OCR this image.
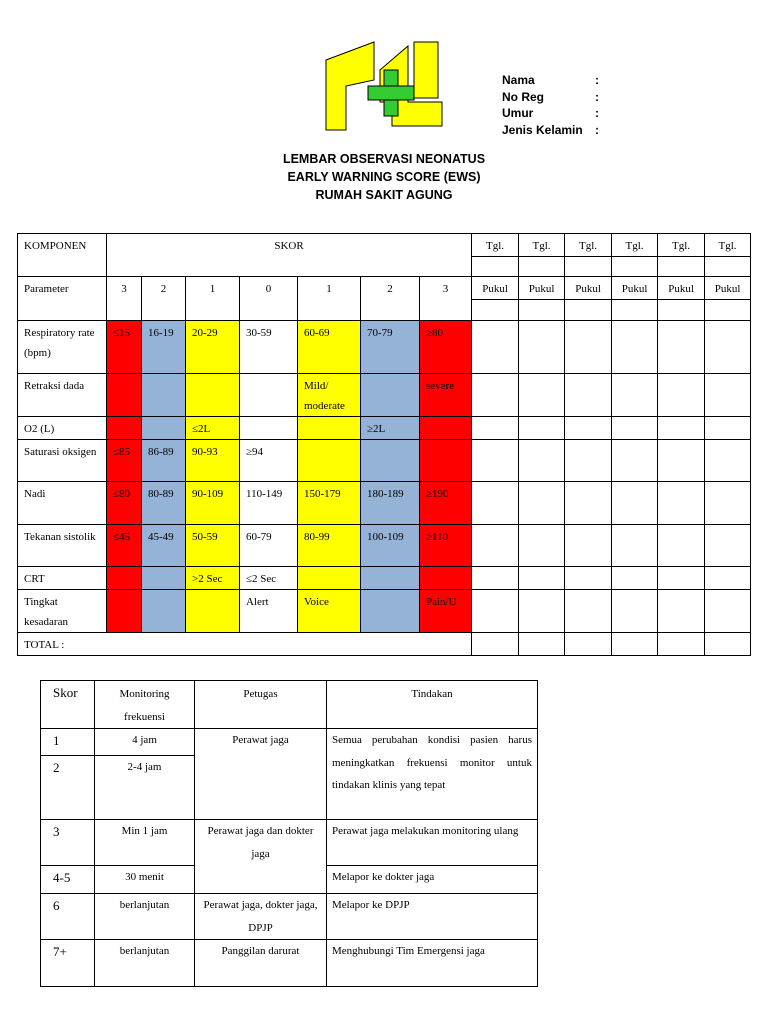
Nama	:
No Reg	:
Umur	:
Jenis Kelamin	:
LEMBAR OBSERVASI NEONATUS
EARLY WARNING SCORE (EWS)
RUMAH SAKIT AGUNG
KOMPONEN	SKOR							Tgl.	Tgl.	Tgl.	Tgl.	Tgl.	Tgl.

Parameter	3	2	1	0	1	2	3	Pukul	Pukul	Pukul	Pukul	Pukul	Pukul

Respiratory rate (bpm)	≤15	16-19	20-29	30-59	60-69	70-79	≥80						
Retraksi dada					Mild/ moderate		severe						
O2 (L)			≤2L			≥2L							
Saturasi oksigen	≤85	86-89	90-93	≥94									
Nadi	≤80	80-89	90-109	110-149	150-179	180-189	≥190						
Tekanan sistolik	≤45	45-49	50-59	60-79	80-99	100-109	≥110						
CRT			>2 Sec	≤2 Sec									
Tingkat kesadaran				Alert	Voice		Pain/U						
TOTAL :													
Skor	Monitoring frekuensi	Petugas	Tindakan
1	4 jam	Perawat jaga	Semua perubahan kondisi pasien harus meningkatkan frekuensi monitor untuk tindakan klinis yang tepat
2	2-4 jam		
3	Min 1 jam	Perawat jaga dan dokter jaga	Perawat jaga melakukan monitoring ulang
4-5	30 menit		Melapor ke dokter jaga
6	berlanjutan	Perawat jaga, dokter jaga, DPJP	Melapor ke DPJP
7+	berlanjutan	Panggilan darurat	Menghubungi Tim Emergensi jaga
